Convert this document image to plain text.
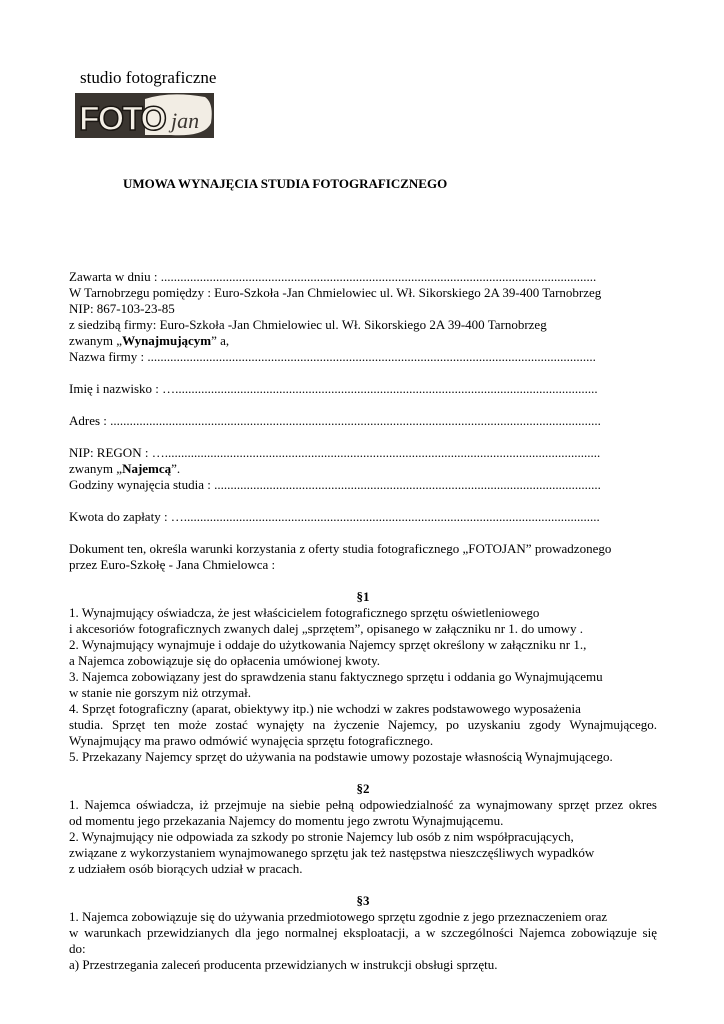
studio fotograficzne
FOTO jan
UMOWA WYNAJĘCIA STUDIA FOTOGRAFICZNEGO
Zawarta w dniu : ......................................................................................................................................
W Tarnobrzegu pomiędzy : Euro-Szkoła -Jan Chmielowiec ul. Wł. Sikorskiego 2A 39-400 Tarnobrzeg
NIP: 867-103-23-85
z siedzibą firmy: Euro-Szkoła -Jan Chmielowiec ul. Wł. Sikorskiego 2A 39-400 Tarnobrzeg
zwanym „Wynajmującym” a,
Nazwa firmy : ..........................................................................................................................................
Imię i nazwisko : …..................................................................................................................................
Adres : .......................................................................................................................................................
NIP: REGON : …......................................................................................................................................
zwanym „Najemcą”.
Godziny wynajęcia studia : .......................................................................................................................
Kwota do zapłaty : …................................................................................................................................
Dokument ten, określa warunki korzystania z oferty studia fotograficznego „FOTOJAN” prowadzonego
przez Euro-Szkołę - Jana Chmielowca :
§1
1. Wynajmujący oświadcza, że jest właścicielem fotograficznego sprzętu oświetleniowego
i akcesoriów fotograficznych zwanych dalej „sprzętem”, opisanego w załączniku nr 1. do umowy .
2. Wynajmujący wynajmuje i oddaje do użytkowania Najemcy sprzęt określony w załączniku nr 1.,
a Najemca zobowiązuje się do opłacenia umówionej kwoty.
3. Najemca zobowiązany jest do sprawdzenia stanu faktycznego sprzętu i oddania go Wynajmującemu
w stanie nie gorszym niż otrzymał.
4. Sprzęt fotograficzny (aparat, obiektywy itp.) nie wchodzi w zakres podstawowego wyposażenia
studia. Sprzęt ten może zostać wynajęty na życzenie Najemcy, po uzyskaniu zgody Wynajmującego.
Wynajmujący ma prawo odmówić wynajęcia sprzętu fotograficznego.
5. Przekazany Najemcy sprzęt do używania na podstawie umowy pozostaje własnością Wynajmującego.
§2
1. Najemca oświadcza, iż przejmuje na siebie pełną odpowiedzialność za wynajmowany sprzęt przez okres
od momentu jego przekazania Najemcy do momentu jego zwrotu Wynajmującemu.
2. Wynajmujący nie odpowiada za szkody po stronie Najemcy lub osób z nim współpracujących,
związane z wykorzystaniem wynajmowanego sprzętu jak też następstwa nieszczęśliwych wypadków
z udziałem osób biorących udział w pracach.
§3
1. Najemca zobowiązuje się do używania przedmiotowego sprzętu zgodnie z jego przeznaczeniem oraz
w warunkach przewidzianych dla jego normalnej eksploatacji, a w szczególności Najemca zobowiązuje się
do:
a) Przestrzegania zaleceń producenta przewidzianych w instrukcji obsługi sprzętu.
